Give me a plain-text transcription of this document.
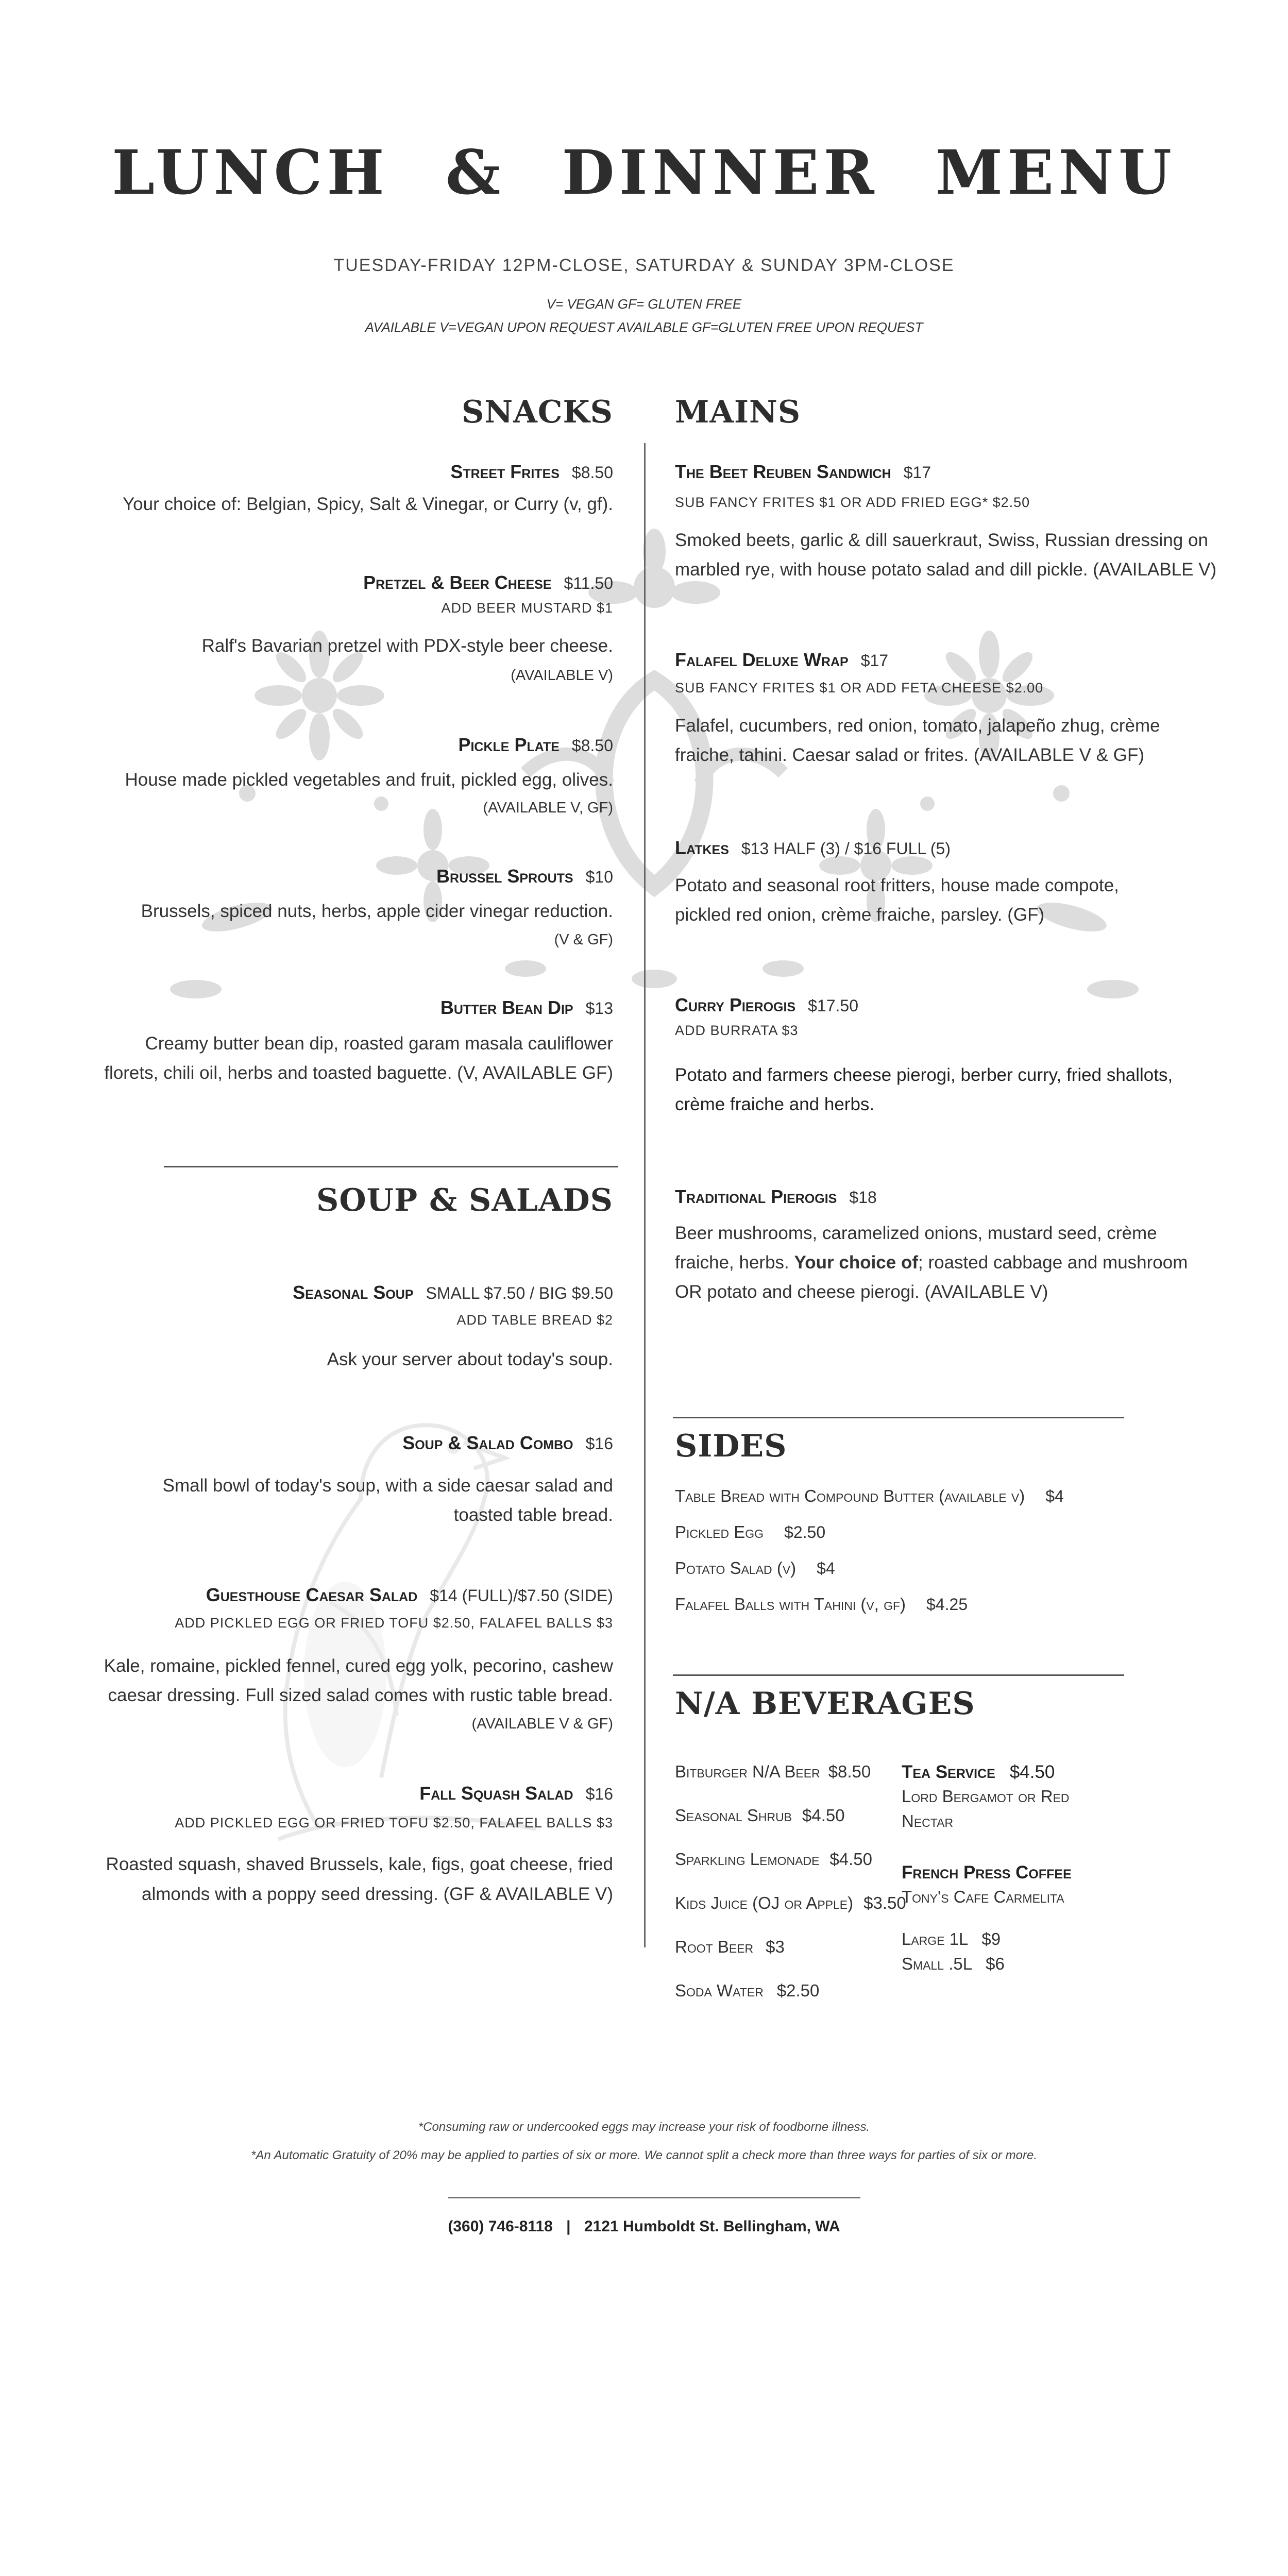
LUNCH & DINNER MENU
TUESDAY-FRIDAY 12PM-CLOSE, SATURDAY & SUNDAY 3PM-CLOSE
V= VEGAN GF= GLUTEN FREE
AVAILABLE V=VEGAN UPON REQUEST AVAILABLE GF=GLUTEN FREE UPON REQUEST
SNACKS
Street Frites $8.50
Your choice of: Belgian, Spicy, Salt & Vinegar, or Curry (v, gf).
Pretzel & Beer Cheese $11.50
ADD BEER MUSTARD $1
Ralf's Bavarian pretzel with PDX-style beer cheese.
(AVAILABLE V)
Pickle Plate $8.50
House made pickled vegetables and fruit, pickled egg, olives.
(AVAILABLE V, GF)
Brussel Sprouts $10
Brussels, spiced nuts, herbs, apple cider vinegar reduction.
(V & GF)
Butter Bean Dip $13
Creamy butter bean dip, roasted garam masala cauliflower
florets, chili oil, herbs and toasted baguette. (V, AVAILABLE GF)
SOUP & SALADS
Seasonal Soup SMALL $7.50 / BIG $9.50
ADD TABLE BREAD $2
Ask your server about today's soup.
Soup & Salad Combo $16
Small bowl of today's soup, with a side caesar salad and
toasted table bread.
Guesthouse Caesar Salad $14 (FULL)/$7.50 (SIDE)
ADD PICKLED EGG OR FRIED TOFU $2.50, FALAFEL BALLS $3
Kale, romaine, pickled fennel, cured egg yolk, pecorino, cashew
caesar dressing. Full sized salad comes with rustic table bread.
(AVAILABLE V & GF)
Fall Squash Salad $16
ADD PICKLED EGG OR FRIED TOFU $2.50, FALAFEL BALLS $3
Roasted squash, shaved Brussels, kale, figs, goat cheese, fried
almonds with a poppy seed dressing. (GF & AVAILABLE V)
MAINS
The Beet Reuben Sandwich $17
SUB FANCY FRITES $1 OR ADD FRIED EGG* $2.50
Smoked beets, garlic & dill sauerkraut, Swiss, Russian dressing on
marbled rye, with house potato salad and dill pickle. (AVAILABLE V)
Falafel Deluxe Wrap $17
SUB FANCY FRITES $1 OR ADD FETA CHEESE $2.00
Falafel, cucumbers, red onion, tomato, jalapeño zhug, crème
fraiche, tahini. Caesar salad or frites. (AVAILABLE V & GF)
Latkes $13 HALF (3) / $16 FULL (5)
Potato and seasonal root fritters, house made compote,
pickled red onion, crème fraiche, parsley. (GF)
Curry Pierogis $17.50
ADD BURRATA $3
Potato and farmers cheese pierogi, berber curry, fried shallots,
crème fraiche and herbs.
Traditional Pierogis $18
Beer mushrooms, caramelized onions, mustard seed, crème
fraiche, herbs. Your choice of; roasted cabbage and mushroom
OR potato and cheese pierogi. (AVAILABLE V)
SIDES
Table Bread with Compound Butter (available v) $4
Pickled Egg $2.50
Potato Salad (v) $4
Falafel Balls with Tahini (v, gf) $4.25
N/A BEVERAGES
Bitburger N/A Beer $8.50
Seasonal Shrub $4.50
Sparkling Lemonade $4.50
Kids Juice (OJ or Apple) $3.50
Root Beer $3
Soda Water $2.50
Tea Service $4.50
Lord Bergamot or Red
Nectar
French Press Coffee
Tony's Cafe Carmelita
Large 1L $9
Small .5L $6
*Consuming raw or undercooked eggs may increase your risk of foodborne illness.
*An Automatic Gratuity of 20% may be applied to parties of six or more. We cannot split a check more than three ways for parties of six or more.
(360) 746-8118 | 2121 Humboldt St. Bellingham, WA
